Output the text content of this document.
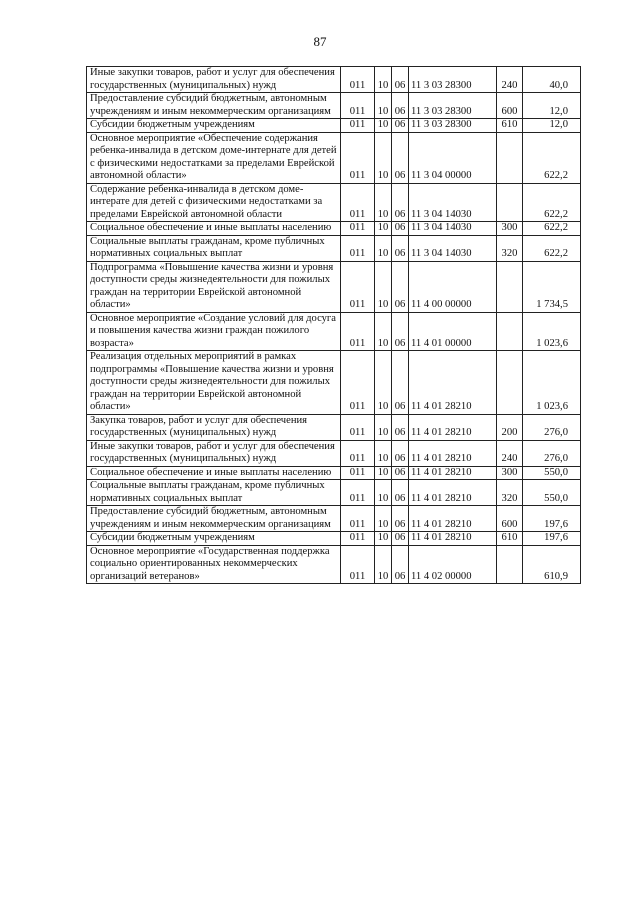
87
Иные закупки товаров, работ и услуг для обеспечения государственных (муниципальных) нужд	011	10	06	11 3 03 28300	240	40,0
Предоставление субсидий бюджетным, автономным учреждениям и иным некоммерческим организациям	011	10	06	11 3 03 28300	600	12,0
Субсидии бюджетным учреждениям	011	10	06	11 3 03 28300	610	12,0
Основное мероприятие «Обеспечение содержания ребенка-инвалида в детском доме-интернате для детей с физическими недостатками за пределами Еврейской автономной области»	011	10	06	11 3 04 00000		622,2
Содержание ребенка-инвалида в детском доме-интерате для детей с физическими недостатками за пределами Еврейской автономной области	011	10	06	11 3 04 14030		622,2
Социальное обеспечение и иные выплаты населению	011	10	06	11 3 04 14030	300	622,2
Социальные выплаты гражданам, кроме публичных нормативных социальных выплат	011	10	06	11 3 04 14030	320	622,2
Подпрограмма «Повышение качества жизни и уровня доступности среды жизнедеятельности для пожилых граждан на территории Еврейской автономной области»	011	10	06	11 4 00 00000		1 734,5
Основное мероприятие «Создание условий для досуга и повышения качества жизни граждан пожилого возраста»	011	10	06	11 4 01 00000		1 023,6
Реализация отдельных мероприятий в рамках подпрограммы «Повышение качества жизни и уровня доступности среды жизнедеятельности для пожилых граждан на территории Еврейской автономной области»	011	10	06	11 4 01 28210		1 023,6
Закупка товаров, работ и услуг для обеспечения государственных (муниципальных) нужд	011	10	06	11 4 01 28210	200	276,0
Иные закупки товаров, работ и услуг для обеспечения государственных (муниципальных) нужд	011	10	06	11 4 01 28210	240	276,0
Социальное обеспечение и иные выплаты населению	011	10	06	11 4 01 28210	300	550,0
Социальные выплаты гражданам, кроме публичных нормативных социальных выплат	011	10	06	11 4 01 28210	320	550,0
Предоставление субсидий бюджетным, автономным учреждениям и иным некоммерческим организациям	011	10	06	11 4 01 28210	600	197,6
Субсидии бюджетным учреждениям	011	10	06	11 4 01 28210	610	197,6
Основное мероприятие «Государственная поддержка социально ориентированных некоммерческих организаций ветеранов»	011	10	06	11 4 02 00000		610,9
